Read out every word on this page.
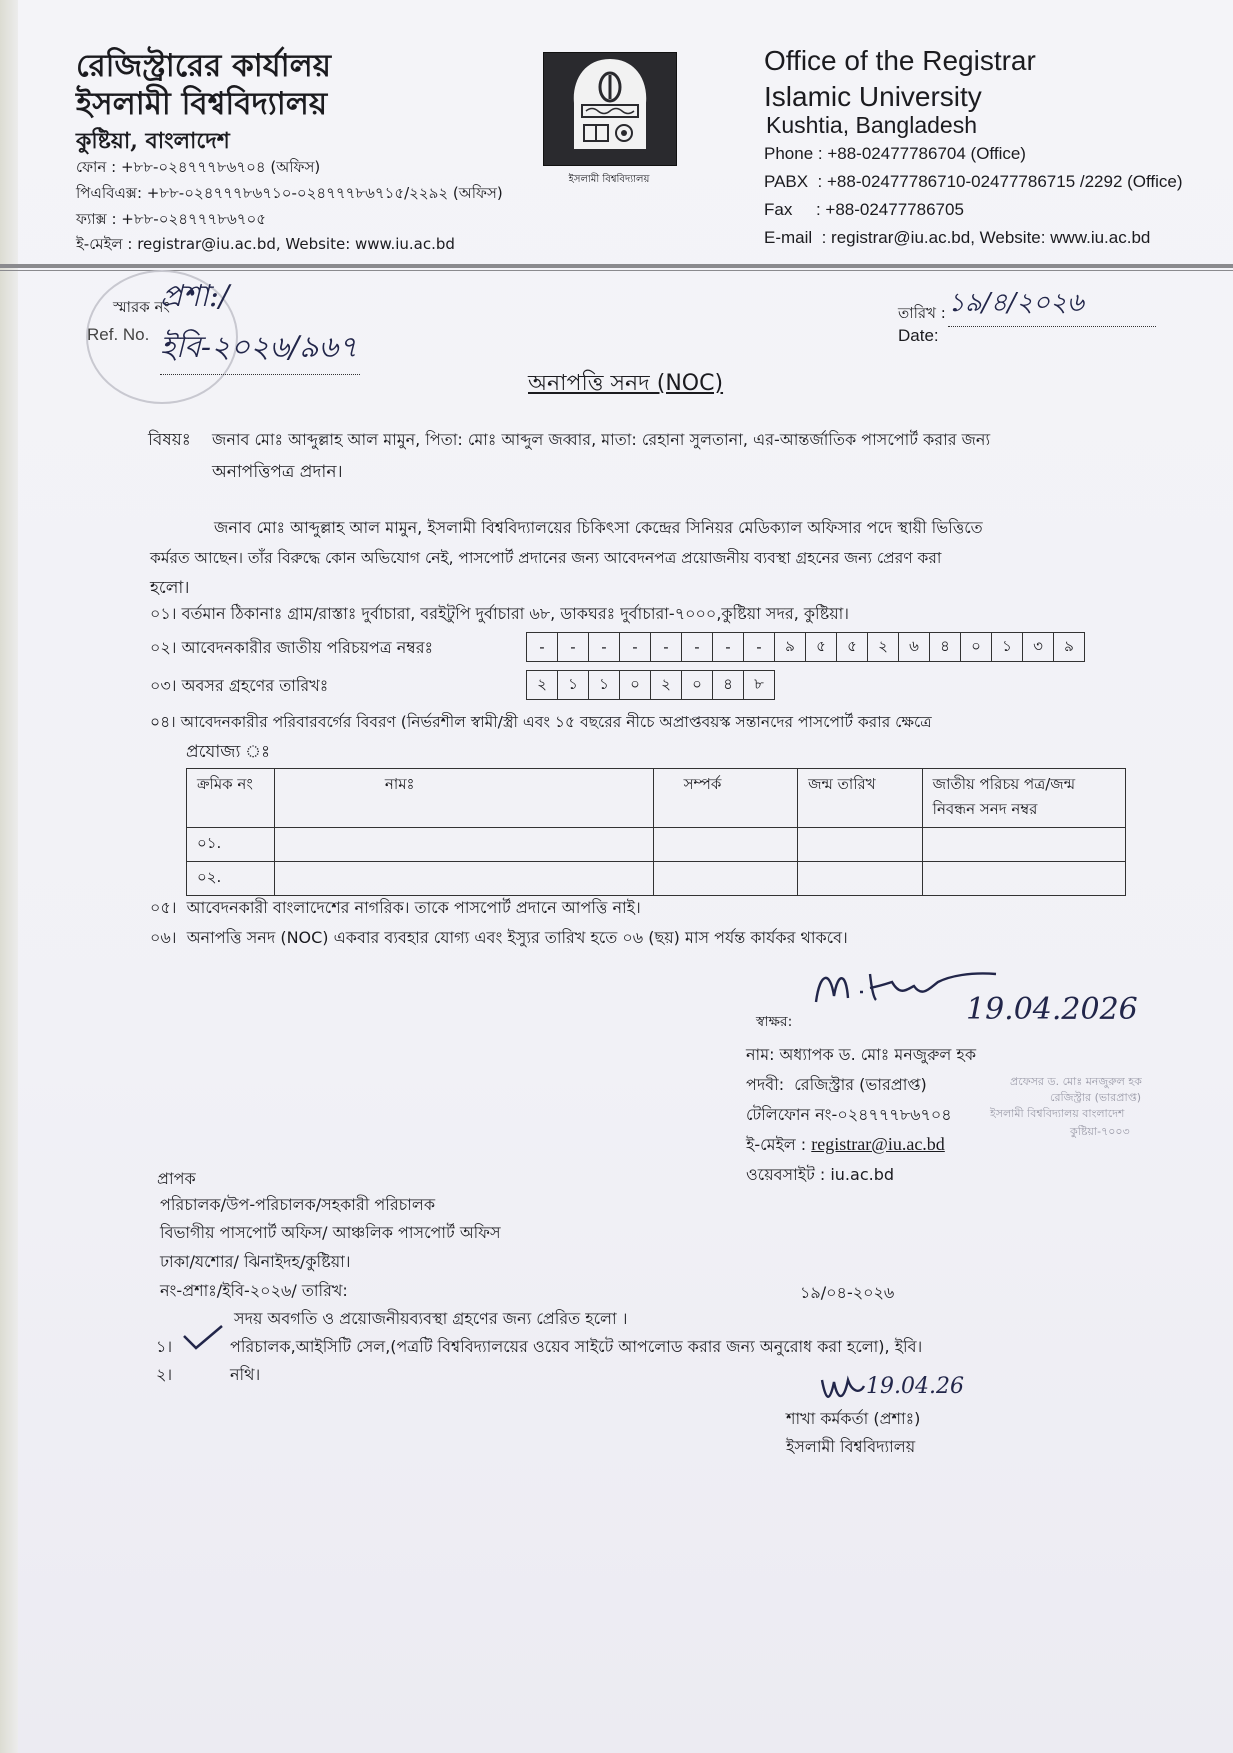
রেজিস্ট্রারের কার্যালয়
ইসলামী বিশ্ববিদ্যালয়
কুষ্টিয়া, বাংলাদেশ
ফোন : +৮৮-০২৪৭৭৭৮৬৭০৪ (অফিস)
পিএবিএক্স: +৮৮-০২৪৭৭৭৮৬৭১০-০২৪৭৭৭৮৬৭১৫/২২৯২ (অফিস)
ফ্যাক্স : +৮৮-০২৪৭৭৭৮৬৭০৫
ই-মেইল : registrar@iu.ac.bd, Website: www.iu.ac.bd
ইসলামী বিশ্ববিদ্যালয়
Office of the Registrar
Islamic University
Kushtia, Bangladesh
Phone : +88-02477786704 (Office)
PABX  : +88-02477786710-02477786715 /2292 (Office)
Fax     : +88-02477786705
E-mail  : registrar@iu.ac.bd, Website: www.iu.ac.bd
স্মারক নং
প্রশা:/ইবি-২০২৬/৯৬৭
Ref. No.
তারিখ : ১৯/৪/২০২৬
Date:
অনাপত্তি সনদ (NOC)
বিষয়ঃ জনাব মোঃ আব্দুল্লাহ আল মামুন, পিতা: মোঃ আব্দুল জব্বার, মাতা: রেহানা সুলতানা, এর-আন্তর্জাতিক পাসপোর্ট করার জন্য
অনাপত্তিপত্র প্রদান।
জনাব মোঃ আব্দুল্লাহ আল মামুন, ইসলামী বিশ্ববিদ্যালয়ের চিকিৎসা কেন্দ্রের সিনিয়র মেডিক্যাল অফিসার পদে স্থায়ী ভিত্তিতে
কর্মরত আছেন। তাঁর বিরুদ্ধে কোন অভিযোগ নেই, পাসপোর্ট প্রদানের জন্য আবেদনপত্র প্রয়োজনীয় ব্যবস্থা গ্রহনের জন্য প্রেরণ করা
হলো।
০১। বর্তমান ঠিকানাঃ গ্রাম/রাস্তাঃ দুর্বাচারা, বরইটুপি দুর্বাচারা ৬৮, ডাকঘরঃ দুর্বাচারা-৭০০০,কুষ্টিয়া সদর, কুষ্টিয়া।
০২। আবেদনকারীর জাতীয় পরিচয়পত্র নম্বরঃ	-	-	-	-	-	-	-	-	৯	৫	৫	২	৬	৪	০	১	৩	৯
০৩। অবসর গ্রহণের তারিখঃ	২	১	১	০	২	০	৪	৮
০৪। আবেদনকারীর পরিবারবর্গের বিবরণ (নির্ভরশীল স্বামী/স্ত্রী এবং ১৫ বছরের নীচে অপ্রাপ্তবয়স্ক সন্তানদের পাসপোর্ট করার ক্ষেত্রে
প্রযোজ্য ঃ
ক্রমিক নং	নামঃ	সম্পর্ক	জন্ম তারিখ	জাতীয় পরিচয় পত্র/জন্ম নিবন্ধন সনদ নম্বর
০১.				
০২.				
০৫।  আবেদনকারী বাংলাদেশের নাগরিক। তাকে পাসপোর্ট প্রদানে আপত্তি নাই।
০৬।  অনাপত্তি সনদ (NOC) একবার ব্যবহার যোগ্য এবং ইস্যুর তারিখ হতে ০৬ (ছয়) মাস পর্যন্ত কার্যকর থাকবে।
স্বাক্ষর:	19.04.2026
নাম: অধ্যাপক ড. মোঃ মনজুরুল হক
পদবী:  রেজিস্ট্রার (ভারপ্রাপ্ত)
টেলিফোন নং-০২৪৭৭৭৮৬৭০৪
ই-মেইল : registrar@iu.ac.bd
ওয়েবসাইট : iu.ac.bd
প্রফেসর ড. মোঃ মনজুরুল হক
রেজিস্ট্রার (ভারপ্রাপ্ত)
ইসলামী বিশ্ববিদ্যালয় বাংলাদেশ
কুষ্টিয়া-৭০০৩
প্রাপক
পরিচালক/উপ-পরিচালক/সহকারী পরিচালক
বিভাগীয় পাসপোর্ট অফিস/ আঞ্চলিক পাসপোর্ট অফিস
ঢাকা/যশোর/ ঝিনাইদহ/কুষ্টিয়া।
নং-প্রশাঃ/ইবি-২০২৬/ তারিখ:	১৯/০৪-২০২৬
সদয় অবগতি ও প্রয়োজনীয়ব্যবস্থা গ্রহণের জন্য প্রেরিত হলো ।
১।	পরিচালক,আইসিটি সেল,(পত্রটি বিশ্ববিদ্যালয়ের ওয়েব সাইটে আপলোড করার জন্য অনুরোধ করা হলো), ইবি।
২।	নথি।	19.04.26
শাখা কর্মকর্তা (প্রশাঃ)
ইসলামী বিশ্ববিদ্যালয়
